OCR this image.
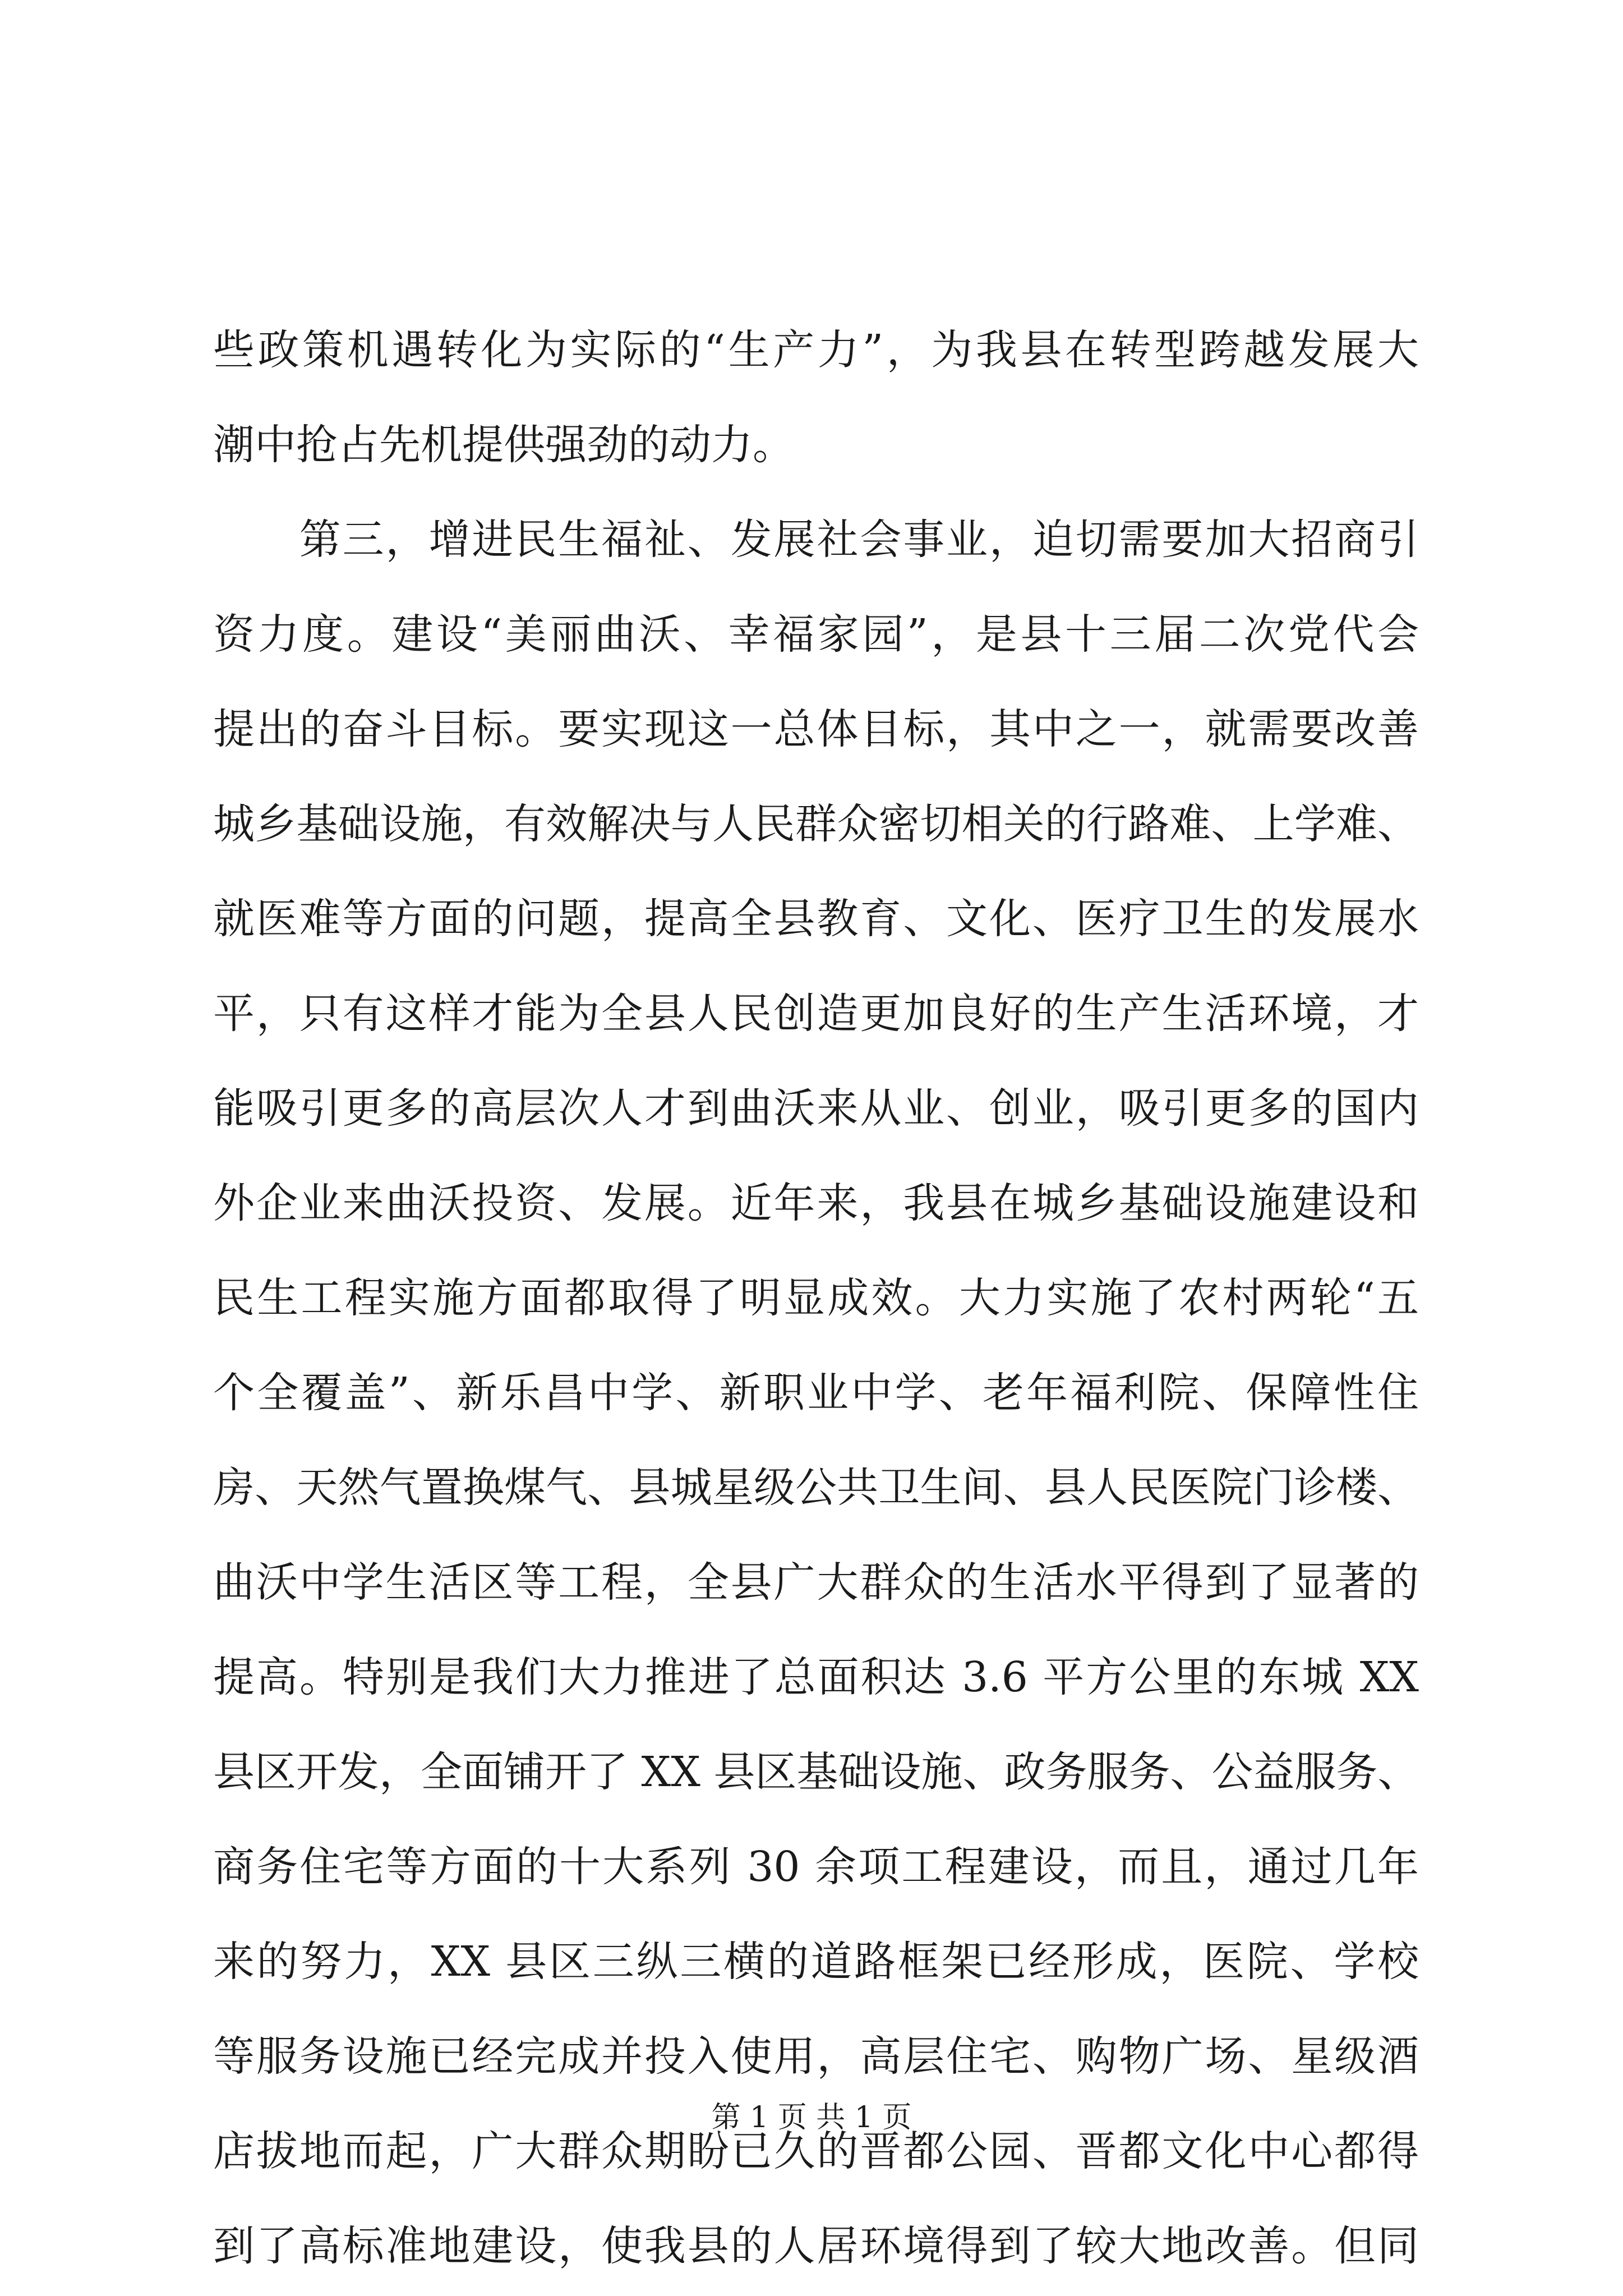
些政策机遇转化为实际的“生产力”，为我县在转型跨越发展大
潮中抢占先机提供强劲的动力。
　　第三，增进民生福祉、发展社会事业，迫切需要加大招商引
资力度。建设“美丽曲沃、幸福家园”，是县十三届二次党代会
提出的奋斗目标。要实现这一总体目标，其中之一，就需要改善
城乡基础设施，有效解决与人民群众密切相关的行路难、上学难、
就医难等方面的问题，提高全县教育、文化、医疗卫生的发展水
平，只有这样才能为全县人民创造更加良好的生产生活环境，才
能吸引更多的高层次人才到曲沃来从业、创业，吸引更多的国内
外企业来曲沃投资、发展。近年来，我县在城乡基础设施建设和
民生工程实施方面都取得了明显成效。大力实施了农村两轮“五
个全覆盖”、新乐昌中学、新职业中学、老年福利院、保障性住
房、天然气置换煤气、县城星级公共卫生间、县人民医院门诊楼、
曲沃中学生活区等工程，全县广大群众的生活水平得到了显著的
提高。特别是我们大力推进了总面积达 3.6 平方公里的东城 XX
县区开发，全面铺开了 XX 县区基础设施、政务服务、公益服务、
商务住宅等方面的十大系列 30 余项工程建设，而且，通过几年
来的努力，XX 县区三纵三横的道路框架已经形成，医院、学校
等服务设施已经完成并投入使用，高层住宅、购物广场、星级酒
店拔地而起，广大群众期盼已久的晋都公园、晋都文化中心都得
到了高标准地建设，使我县的人居环境得到了较大地改善。但同
第 1 页 共 1 页
